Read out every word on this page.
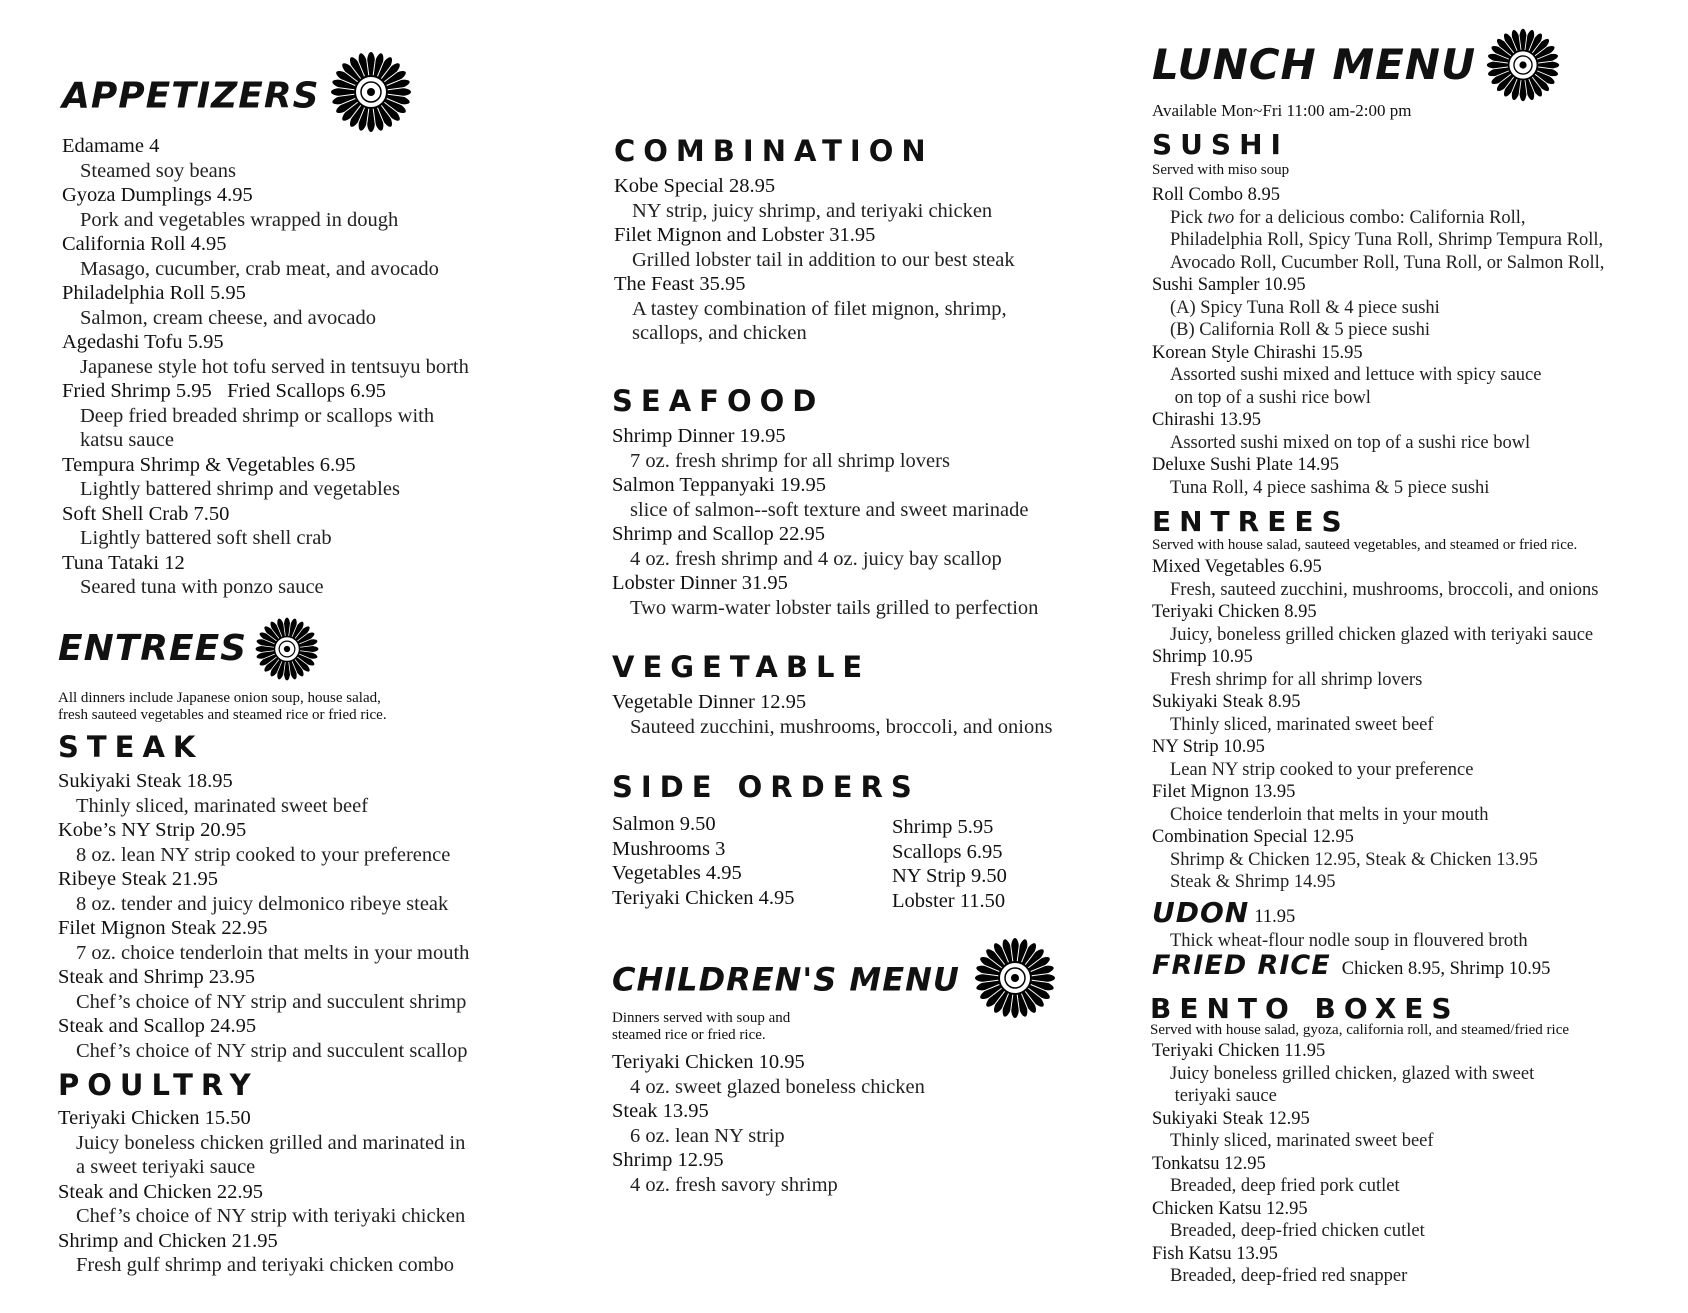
APPETIZERS
Edamame 4
Steamed soy beans
Gyoza Dumplings 4.95
Pork and vegetables wrapped in dough
California Roll 4.95
Masago, cucumber, crab meat, and avocado
Philadelphia Roll 5.95
Salmon, cream cheese, and avocado
Agedashi Tofu 5.95
Japanese style hot tofu served in tentsuyu borth
Fried Shrimp 5.95   Fried Scallops 6.95
Deep fried breaded shrimp or scallops with
katsu sauce
Tempura Shrimp & Vegetables 6.95
Lightly battered shrimp and vegetables
Soft Shell Crab 7.50
Lightly battered soft shell crab
Tuna Tataki 12
Seared tuna with ponzo sauce
ENTREES
All dinners include Japanese onion soup, house salad,
fresh sauteed vegetables and steamed rice or fried rice.
STEAK
Sukiyaki Steak 18.95
Thinly sliced, marinated sweet beef
Kobe’s NY Strip 20.95
8 oz. lean NY strip cooked to your preference
Ribeye Steak 21.95
8 oz. tender and juicy delmonico ribeye steak
Filet Mignon Steak 22.95
7 oz. choice tenderloin that melts in your mouth
Steak and Shrimp 23.95
Chef’s choice of NY strip and succulent shrimp
Steak and Scallop 24.95
Chef’s choice of NY strip and succulent scallop
POULTRY
Teriyaki Chicken 15.50
Juicy boneless chicken grilled and marinated in
a sweet teriyaki sauce
Steak and Chicken 22.95
Chef’s choice of NY strip with teriyaki chicken
Shrimp and Chicken 21.95
Fresh gulf shrimp and teriyaki chicken combo
COMBINATION
Kobe Special 28.95
NY strip, juicy shrimp, and teriyaki chicken
Filet Mignon and Lobster 31.95
Grilled lobster tail in addition to our best steak
The Feast 35.95
A tastey combination of filet mignon, shrimp,
scallops, and chicken
SEAFOOD
Shrimp Dinner 19.95
7 oz. fresh shrimp for all shrimp lovers
Salmon Teppanyaki 19.95
slice of salmon--soft texture and sweet marinade
Shrimp and Scallop 22.95
4 oz. fresh shrimp and 4 oz. juicy bay scallop
Lobster Dinner 31.95
Two warm-water lobster tails grilled to perfection
VEGETABLE
Vegetable Dinner 12.95
Sauteed zucchini, mushrooms, broccoli, and onions
SIDE ORDERS
Salmon 9.50
Mushrooms 3
Vegetables 4.95
Teriyaki Chicken 4.95
Shrimp 5.95
Scallops 6.95
NY Strip 9.50
Lobster 11.50
CHILDREN'S MENU
Dinners served with soup and
steamed rice or fried rice.
Teriyaki Chicken 10.95
4 oz. sweet glazed boneless chicken
Steak 13.95
6 oz. lean NY strip
Shrimp 12.95
4 oz. fresh savory shrimp
LUNCH MENU
Available Mon~Fri 11:00 am-2:00 pm
SUSHI
Served with miso soup
Roll Combo 8.95
Pick two for a delicious combo: California Roll,
Philadelphia Roll, Spicy Tuna Roll, Shrimp Tempura Roll,
Avocado Roll, Cucumber Roll, Tuna Roll, or Salmon Roll,
Sushi Sampler 10.95
(A) Spicy Tuna Roll & 4 piece sushi
(B) California Roll & 5 piece sushi
Korean Style Chirashi 15.95
Assorted sushi mixed and lettuce with spicy sauce
on top of a sushi rice bowl
Chirashi 13.95
Assorted sushi mixed on top of a sushi rice bowl
Deluxe Sushi Plate 14.95
Tuna Roll, 4 piece sashima & 5 piece sushi
ENTREES
Served with house salad, sauteed vegetables, and steamed or fried rice.
Mixed Vegetables 6.95
Fresh, sauteed zucchini, mushrooms, broccoli, and onions
Teriyaki Chicken 8.95
Juicy, boneless grilled chicken glazed with teriyaki sauce
Shrimp 10.95
Fresh shrimp for all shrimp lovers
Sukiyaki Steak 8.95
Thinly sliced, marinated sweet beef
NY Strip 10.95
Lean NY strip cooked to your preference
Filet Mignon 13.95
Choice tenderloin that melts in your mouth
Combination Special 12.95
Shrimp & Chicken 12.95, Steak & Chicken 13.95
Steak & Shrimp 14.95
UDON 11.95
Thick wheat-flour nodle soup in flouvered broth
FRIED RICE Chicken 8.95, Shrimp 10.95
BENTO BOXES
Served with house salad, gyoza, california roll, and steamed/fried rice
Teriyaki Chicken 11.95
Juicy boneless grilled chicken, glazed with sweet
teriyaki sauce
Sukiyaki Steak 12.95
Thinly sliced, marinated sweet beef
Tonkatsu 12.95
Breaded, deep fried pork cutlet
Chicken Katsu 12.95
Breaded, deep-fried chicken cutlet
Fish Katsu 13.95
Breaded, deep-fried red snapper
